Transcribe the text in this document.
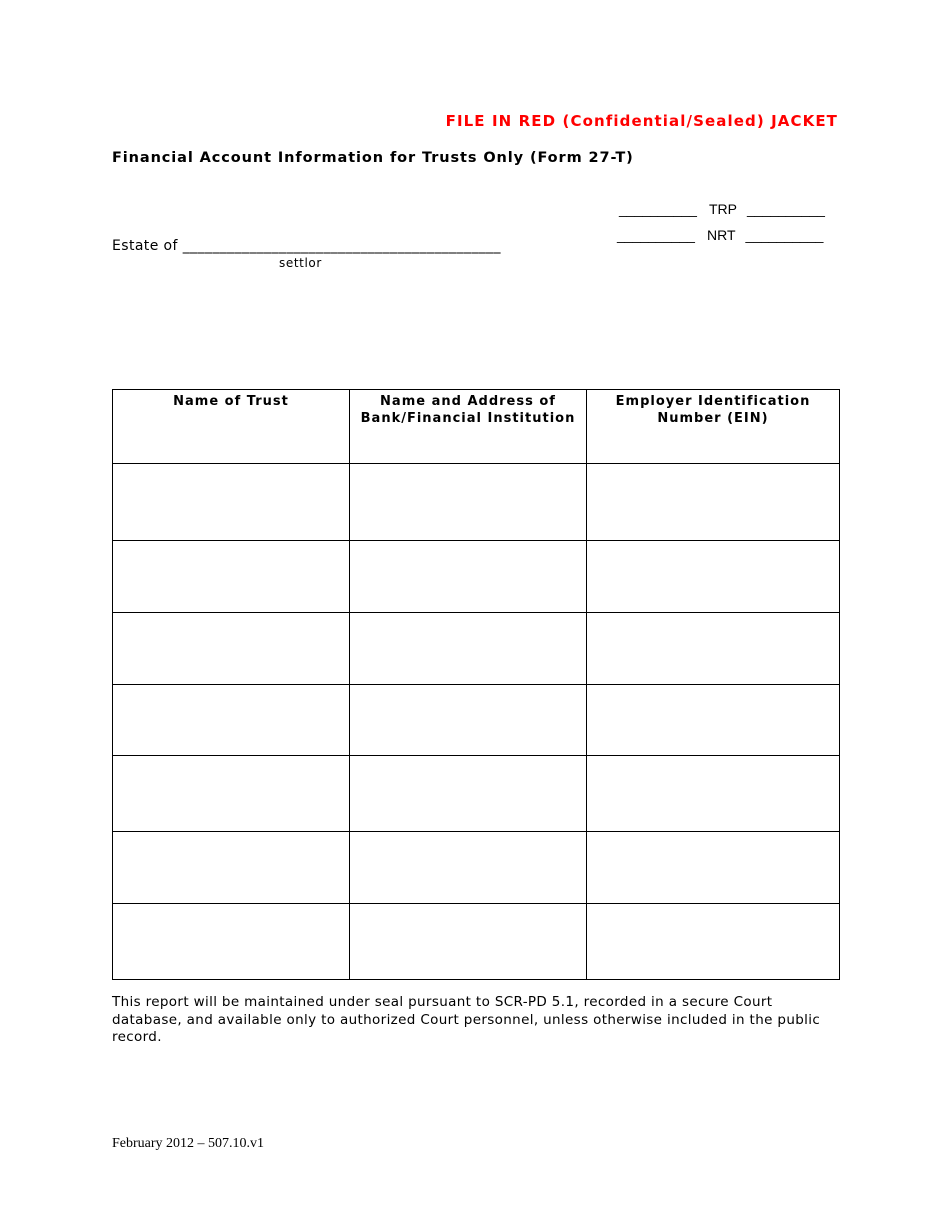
FILE IN RED (Confidential/Sealed) JACKET
Financial Account Information for Trusts Only (Form 27-T)
__________ TRP __________
__________ NRT __________
Estate of ___________________________________________
settlor
Name of Trust	Name and Address of Bank/Financial Institution	Employer Identification Number (EIN)

This report will be maintained under seal pursuant to SCR-PD 5.1, recorded in a secure Court database, and available only to authorized Court personnel, unless otherwise included in the public record.
February 2012 – 507.10.v1
